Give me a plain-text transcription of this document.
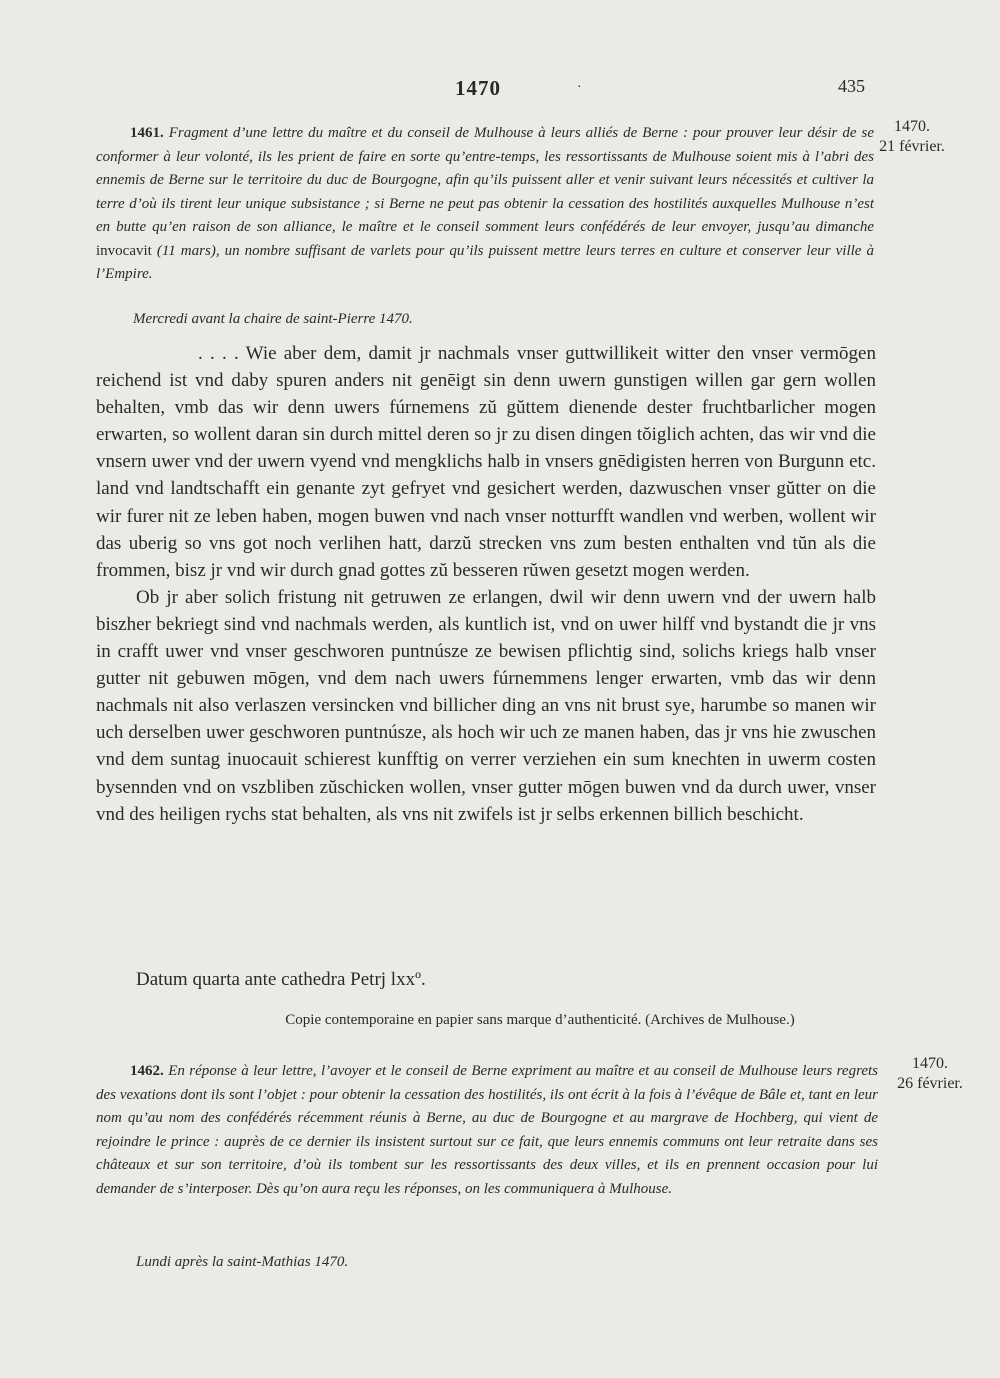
1470	·	435
1470.
21 février.
1461. Fragment d’une lettre du maître et du conseil de Mulhouse à leurs alliés de Berne : pour prouver leur désir de se conformer à leur volonté, ils les prient de faire en sorte qu’entre-temps, les ressortissants de Mulhouse soient mis à l’abri des ennemis de Berne sur le territoire du duc de Bourgogne, afin qu’ils puissent aller et venir suivant leurs nécessités et cultiver la terre d’où ils tirent leur unique subsistance ; si Berne ne peut pas obtenir la cessation des hostilités auxquelles Mulhouse n’est en butte qu’en raison de son alliance, le maître et le conseil somment leurs confédérés de leur envoyer, jusqu’au dimanche invocavit (11 mars), un nombre suffisant de varlets pour qu’ils puissent mettre leurs terres en culture et conserver leur ville à l’Empire.
Mercredi avant la chaire de saint-Pierre 1470.

. . . . Wie aber dem, damit jr nachmals vnser guttwillikeit witter den vnser vermōgen reichend ist vnd daby spuren anders nit genēigt sin denn uwern gunstigen willen gar gern wollen behalten, vmb das wir denn uwers fúrnemens zŭ gŭttem dienende dester fruchtbarlicher mogen erwarten, so wollent daran sin durch mittel deren so jr zu disen dingen tŏiglich achten, das wir vnd die vnsern uwer vnd der uwern vyend vnd mengklichs halb in vnsers gnēdigisten herren von Burgunn etc. land vnd landtschafft ein genante zyt gefryet vnd gesichert werden, dazwuschen vnser gŭtter on die wir furer nit ze leben haben, mogen buwen vnd nach vnser notturfft wandlen vnd werben, wollent wir das uberig so vns got noch verlihen hatt, darzŭ strecken vns zum besten enthalten vnd tŭn als die frommen, bisz jr vnd wir durch gnad gottes zŭ besseren rŭwen gesetzt mogen werden.

Ob jr aber solich fristung nit getruwen ze erlangen, dwil wir denn uwern vnd der uwern halb biszher bekriegt sind vnd nachmals werden, als kuntlich ist, vnd on uwer hilff vnd bystandt die jr vns in crafft uwer vnd vnser geschworen puntnúsze ze bewisen pflichtig sind, solichs kriegs halb vnser gutter nit gebuwen mōgen, vnd dem nach uwers fúrnemmens lenger erwarten, vmb das wir denn nachmals nit also verlaszen versincken vnd billicher ding an vns nit brust sye, harumbe so manen wir uch derselben uwer geschworen puntnúsze, als hoch wir uch ze manen haben, das jr vns hie zwuschen vnd dem suntag inuocauit schierest kunfftig on verrer verziehen ein sum knechten in uwerm costen bysennden vnd on vszbliben zŭschicken wollen, vnser gutter mōgen buwen vnd da durch uwer, vnser vnd des heiligen rychs stat behalten, als vns nit zwifels ist jr selbs erkennen billich beschicht.

Datum quarta ante cathedra Petrj lxxº.
Copie contemporaine en papier sans marque d’authenticité. (Archives de Mulhouse.)
1470.
26 février.
1462. En réponse à leur lettre, l’avoyer et le conseil de Berne expriment au maître et au conseil de Mulhouse leurs regrets des vexations dont ils sont l’objet : pour obtenir la cessation des hostilités, ils ont écrit à la fois à l’évêque de Bâle et, tant en leur nom qu’au nom des confédérés récemment réunis à Berne, au duc de Bourgogne et au margrave de Hochberg, qui vient de rejoindre le prince : auprès de ce dernier ils insistent surtout sur ce fait, que leurs ennemis communs ont leur retraite dans ses châteaux et sur son territoire, d’où ils tombent sur les ressortissants des deux villes, et ils en prennent occasion pour lui demander de s’interposer. Dès qu’on aura reçu les réponses, on les communiquera à Mulhouse.
Lundi après la saint-Mathias 1470.
